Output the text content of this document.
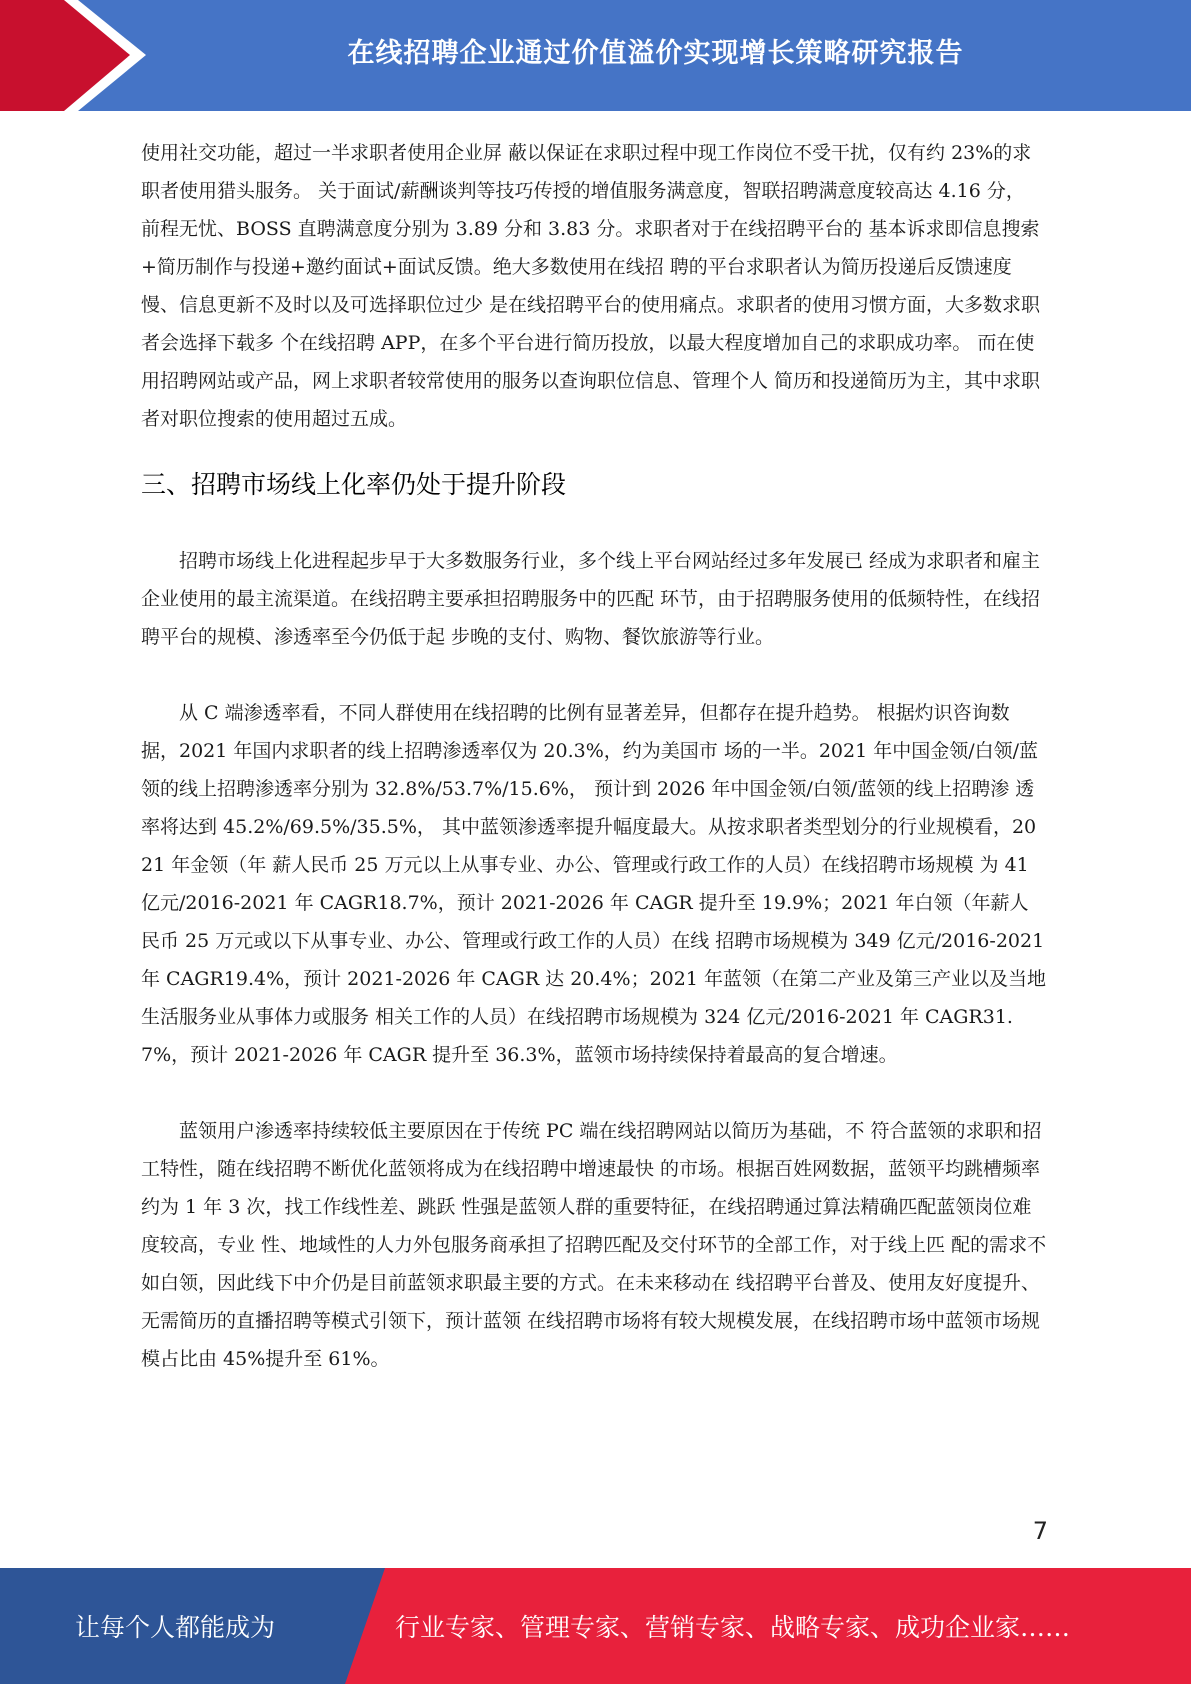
在线招聘企业通过价值溢价实现增长策略研究报告

使用社交功能，超过一半求职者使用企业屏 蔽以保证在求职过程中现工作岗位不受干扰，仅有约 23%的求职者使用猎头服务。 关于面试/薪酬谈判等技巧传授的增值服务满意度，智联招聘满意度较高达 4.16 分， 前程无忧、BOSS 直聘满意度分别为 3.89 分和 3.83 分。求职者对于在线招聘平台的 基本诉求即信息搜索+简历制作与投递+邀约面试+面试反馈。绝大多数使用在线招 聘的平台求职者认为简历投递后反馈速度慢、信息更新不及时以及可选择职位过少 是在线招聘平台的使用痛点。求职者的使用习惯方面，大多数求职者会选择下载多 个在线招聘 APP，在多个平台进行简历投放，以最大程度增加自己的求职成功率。 而在使用招聘网站或产品，网上求职者较常使用的服务以查询职位信息、管理个人 简历和投递简历为主，其中求职者对职位搜索的使用超过五成。

三、招聘市场线上化率仍处于提升阶段

招聘市场线上化进程起步早于大多数服务行业，多个线上平台网站经过多年发展已 经成为求职者和雇主企业使用的最主流渠道。在线招聘主要承担招聘服务中的匹配 环节，由于招聘服务使用的低频特性，在线招聘平台的规模、渗透率至今仍低于起 步晚的支付、购物、餐饮旅游等行业。

从 C 端渗透率看，不同人群使用在线招聘的比例有显著差异，但都存在提升趋势。 根据灼识咨询数据，2021 年国内求职者的线上招聘渗透率仅为 20.3%，约为美国市 场的一半。2021 年中国金领/白领/蓝领的线上招聘渗透率分别为 32.8%/53.7%/15.6%， 预计到 2026 年中国金领/白领/蓝领的线上招聘渗 透率将达到 45.2%/69.5%/35.5%， 其中蓝领渗透率提升幅度最大。从按求职者类型划分的行业规模看，2021 年金领（年 薪人民币 25 万元以上从事专业、办公、管理或行政工作的人员）在线招聘市场规模 为 41 亿元/2016-2021 年 CAGR18.7%，预计 2021-2026 年 CAGR 提升至 19.9%；2021 年白领（年薪人民币 25 万元或以下从事专业、办公、管理或行政工作的人员）在线 招聘市场规模为 349 亿元/2016-2021 年 CAGR19.4%，预计 2021-2026 年 CAGR 达 20.4%；2021 年蓝领（在第二产业及第三产业以及当地生活服务业从事体力或服务 相关工作的人员）在线招聘市场规模为 324 亿元/2016-2021 年 CAGR31.7%，预计 2021-2026 年 CAGR 提升至 36.3%，蓝领市场持续保持着最高的复合增速。

蓝领用户渗透率持续较低主要原因在于传统 PC 端在线招聘网站以简历为基础，不 符合蓝领的求职和招工特性，随在线招聘不断优化蓝领将成为在线招聘中增速最快 的市场。根据百姓网数据，蓝领平均跳槽频率约为 1 年 3 次，找工作线性差、跳跃 性强是蓝领人群的重要特征，在线招聘通过算法精确匹配蓝领岗位难度较高，专业 性、地域性的人力外包服务商承担了招聘匹配及交付环节的全部工作，对于线上匹 配的需求不如白领，因此线下中介仍是目前蓝领求职最主要的方式。在未来移动在 线招聘平台普及、使用友好度提升、无需简历的直播招聘等模式引领下，预计蓝领 在线招聘市场将有较大规模发展，在线招聘市场中蓝领市场规模占比由 45%提升至 61%。

7
让每个人都能成为	行业专家、管理专家、营销专家、战略专家、成功企业家……
